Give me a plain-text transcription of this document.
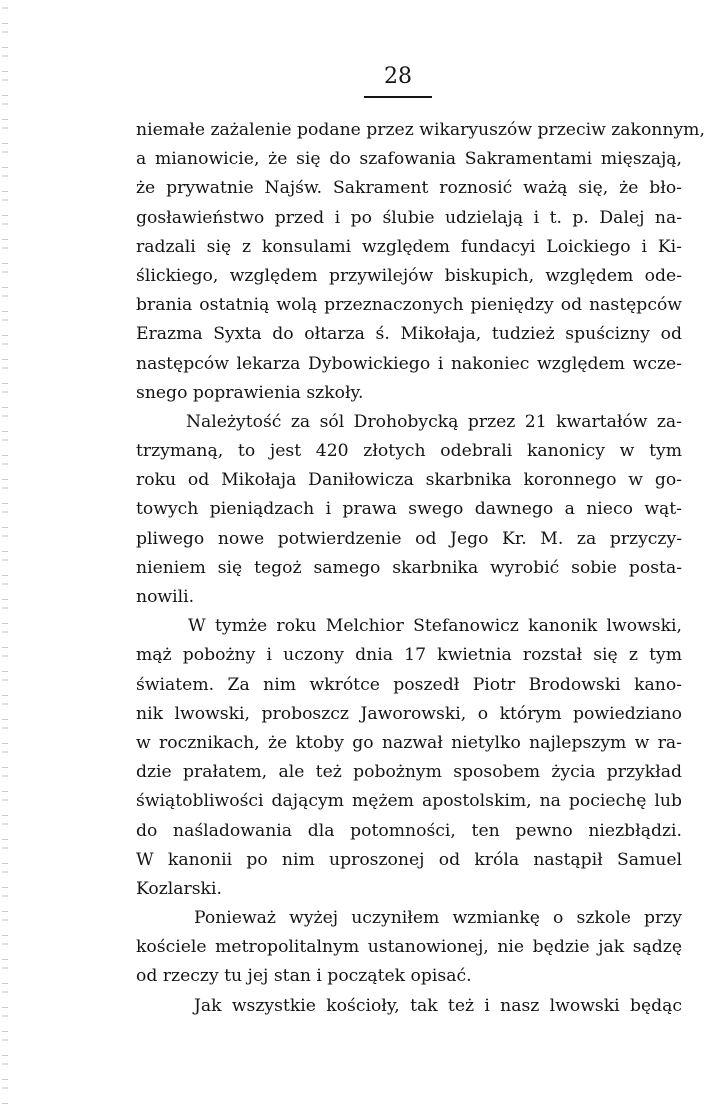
28
niemałe zażalenie podane przez wikaryuszów przeciw zakonnym,
a mianowicie, że się do szafowania Sakramentami mięszają,
że prywatnie Najśw. Sakrament roznosić ważą się, że bło-
gosławieństwo przed i po ślubie udzielają i t. p. Dalej na-
radzali się z konsulami względem fundacyi Loickiego i Ki-
ślickiego, względem przywilejów biskupich, względem ode-
brania ostatnią wolą przeznaczonych pieniędzy od następców
Erazma Syxta do ołtarza ś. Mikołaja, tudzież spuścizny od
następców lekarza Dybowickiego i nakoniec względem wcze-
snego poprawienia szkoły.
Należytość za sól Drohobycką przez 21 kwartałów za-
trzymaną, to jest 420 złotych odebrali kanonicy w tym
roku od Mikołaja Daniłowicza skarbnika koronnego w go-
towych pieniądzach i prawa swego dawnego a nieco wąt-
pliwego nowe potwierdzenie od Jego Kr. M. za przyczy-
nieniem się tegoż samego skarbnika wyrobić sobie posta-
nowili.
W tymże roku Melchior Stefanowicz kanonik lwowski,
mąż pobożny i uczony dnia 17 kwietnia rozstał się z tym
światem. Za nim wkrótce poszedł Piotr Brodowski kano-
nik lwowski, proboszcz Jaworowski, o którym powiedziano
w rocznikach, że ktoby go nazwał nietylko najlepszym w ra-
dzie prałatem, ale też pobożnym sposobem życia przykład
świątobliwości dającym mężem apostolskim, na pociechę lub
do naśladowania dla potomności, ten pewno niezbłądzi.
W kanonii po nim uproszonej od króla nastąpił Samuel
Kozlarski.
Ponieważ wyżej uczyniłem wzmiankę o szkole przy
kościele metropolitalnym ustanowionej, nie będzie jak sądzę
od rzeczy tu jej stan i początek opisać.
Jak wszystkie kościoły, tak też i nasz lwowski będąc
